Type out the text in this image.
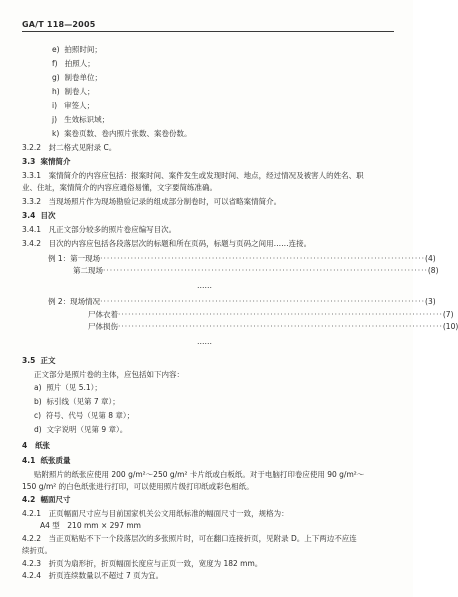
GA/T 118—2005
e) 拍照时间；
f) 拍照人；
g) 制卷单位；
h) 制卷人；
i) 审签人；
j) 生效标识域；
k) 案卷页数、卷内照片张数、案卷份数。
3.2.2　封二格式见附录 C。
3.3 案情简介
3.3.1　案情简介的内容应包括：报案时间、案件发生或发现时间、地点，经过情况及被害人的姓名、职
业、住址，案情简介的内容应通俗易懂，文字要简练准确。
3.3.2　当现场照片作为现场勘验记录的组成部分制卷时，可以省略案情简介。
3.4 目次
3.4.1　凡正文部分较多的照片卷应编写目次。
3.4.2　目次的内容应包括各段落层次的标题和所在页码，标题与页码之间用……连接。
例 1：第一现场 ································································································ (4)
第二现场 ································································································ (8)
……
例 2：现场情况 ································································································ (3)
尸体衣着 ································································································ (7)
尸体损伤 ································································································ (10)
……
3.5 正文
正文部分是照片卷的主体，应包括如下内容：
a) 照片（见 5.1）；
b) 标引线（见第 7 章）；
c) 符号、代号（见第 8 章）；
d) 文字说明（见第 9 章）。
4 纸张
4.1 纸张质量
贴附照片的纸张应使用 200 g/m²～250 g/m² 卡片纸或白板纸。对于电脑打印卷应使用 90 g/m²～
150 g/m² 的白色纸张进行打印，可以使用照片级打印纸或彩色相纸。
4.2 幅面尺寸
4.2.1　正页幅面尺寸应与目前国家机关公文用纸标准的幅面尺寸一致，规格为：
A4 型　210 mm × 297 mm
4.2.2　当正页粘贴不下一个段落层次的多张照片时，可在翻口连接折页，见附录 D。上下两边不应连
续折页。
4.2.3　折页为扇形折，折页幅面长度应与正页一致，宽度为 182 mm。
4.2.4　折页连续数量以不超过 7 页为宜。
